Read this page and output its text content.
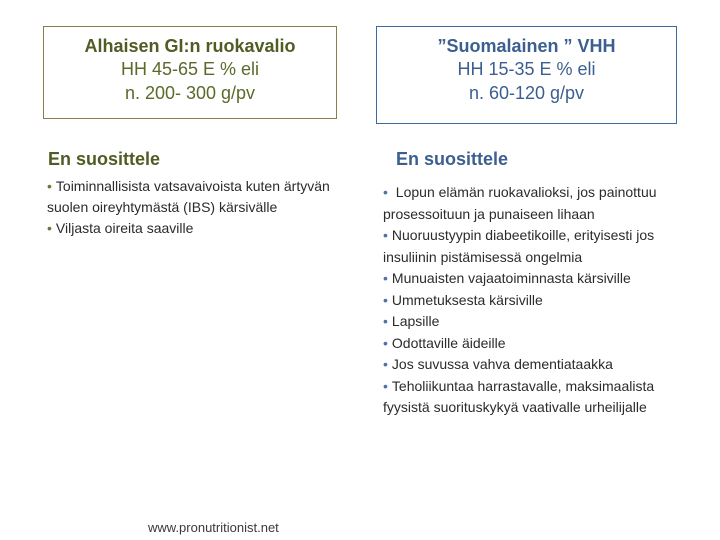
Alhaisen GI:n ruokavalio
HH 45-65 E % eli
n. 200- 300 g/pv
”Suomalainen ” VHH
HH 15-35 E % eli
n. 60-120 g/pv
En suosittele
• Toiminnallisista vatsavaivoista kuten ärtyvän suolen oireyhtymästä (IBS) kärsivälle
• Viljasta oireita saaville
En suosittele
• Lopun elämän ruokavalioksi, jos painottuu prosessoituun ja punaiseen lihaan
• Nuoruustyypin diabeetikoille, erityisesti jos insuliinin pistämisessä ongelmia
• Munuaisten vajaatoiminnasta kärsiville
• Ummetuksesta kärsiville
• Lapsille
• Odottaville äideille
• Jos suvussa vahva dementiataakka
• Teholiikuntaa harrastavalle, maksimaalista fyysistä suorituskykyä vaativalle urheilijalle
www.pronutritionist.net
